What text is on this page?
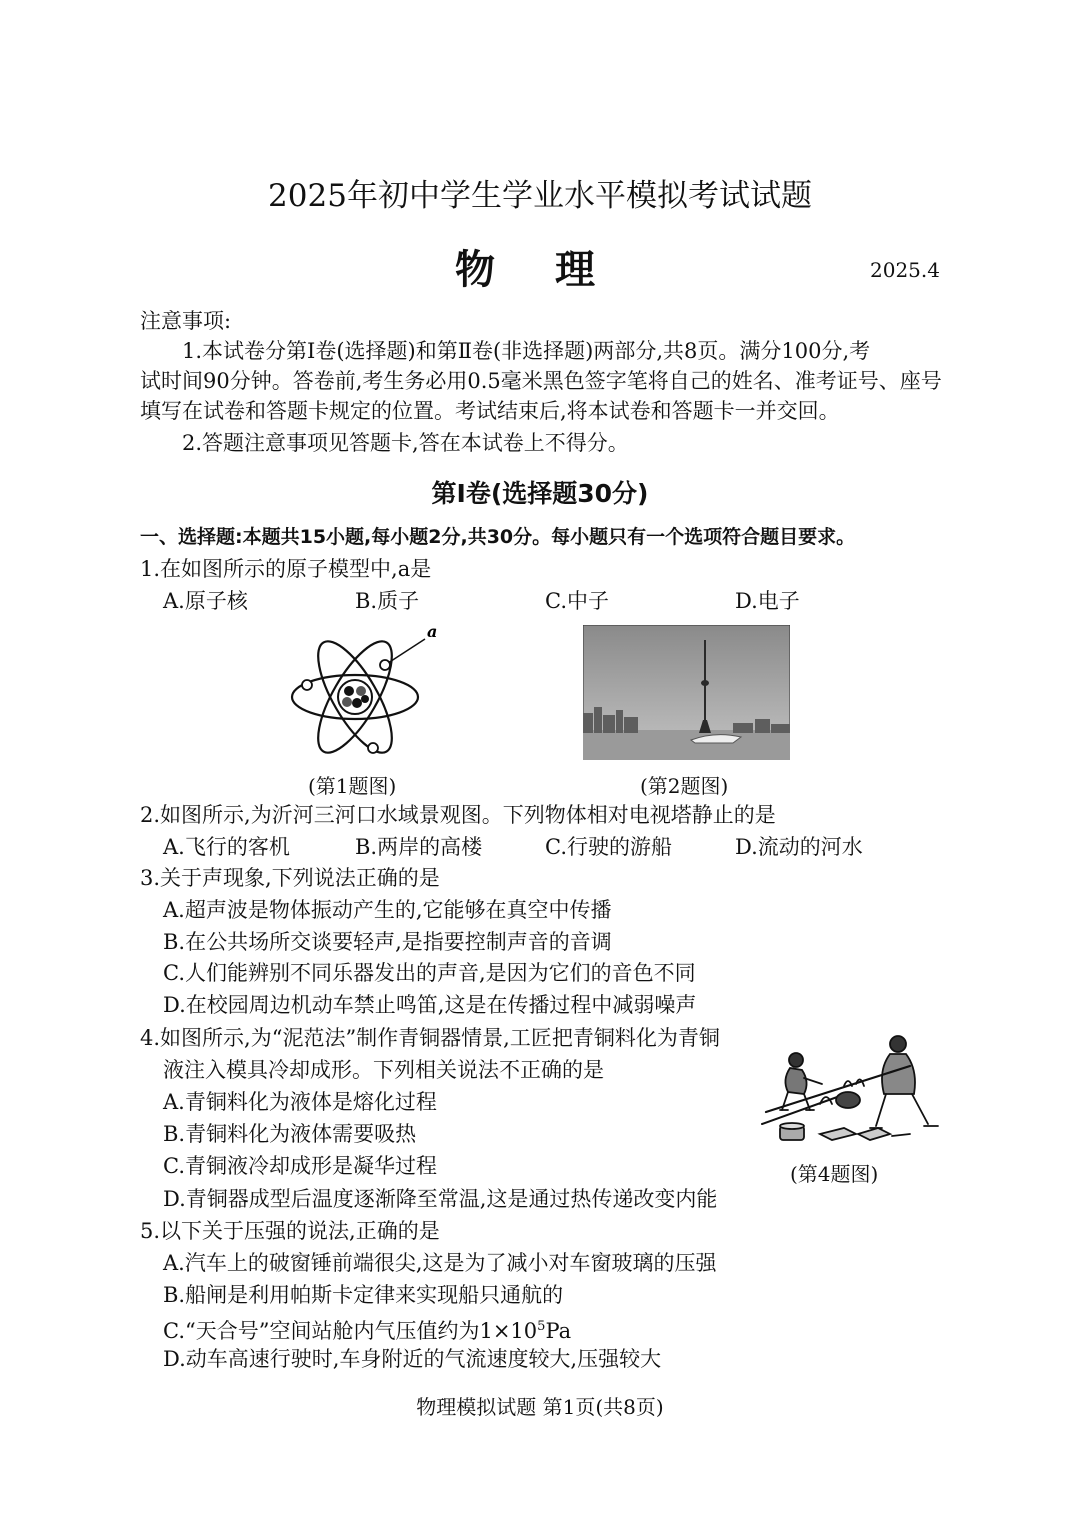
2025年初中学生学业水平模拟考试试题
物理	2025.4
注意事项:
1.本试卷分第Ⅰ卷(选择题)和第Ⅱ卷(非选择题)两部分,共8页。满分100分,考
试时间90分钟。答卷前,考生务必用0.5毫米黑色签字笔将自己的姓名、准考证号、座号
填写在试卷和答题卡规定的位置。考试结束后,将本试卷和答题卡一并交回。
2.答题注意事项见答题卡,答在本试卷上不得分。
第Ⅰ卷(选择题30分)
一、选择题:本题共15小题,每小题2分,共30分。每小题只有一个选项符合题目要求。
1.在如图所示的原子模型中,a是
A.原子核	B.质子	C.中子	D.电子
a
(第1题图)	(第2题图)
2.如图所示,为沂河三河口水域景观图。下列物体相对电视塔静止的是
A.飞行的客机	B.两岸的高楼	C.行驶的游船	D.流动的河水
3.关于声现象,下列说法正确的是
A.超声波是物体振动产生的,它能够在真空中传播
B.在公共场所交谈要轻声,是指要控制声音的音调
C.人们能辨别不同乐器发出的声音,是因为它们的音色不同
D.在校园周边机动车禁止鸣笛,这是在传播过程中减弱噪声
4.如图所示,为“泥范法”制作青铜器情景,工匠把青铜料化为青铜
液注入模具冷却成形。下列相关说法不正确的是
A.青铜料化为液体是熔化过程
B.青铜料化为液体需要吸热
C.青铜液冷却成形是凝华过程
D.青铜器成型后温度逐渐降至常温,这是通过热传递改变内能
(第4题图)
5.以下关于压强的说法,正确的是
A.汽车上的破窗锤前端很尖,这是为了减小对车窗玻璃的压强
B.船闸是利用帕斯卡定律来实现船只通航的
C.“天合号”空间站舱内气压值约为$1\times 10^5Pa$
D.动车高速行驶时,车身附近的气流速度较大,压强较大
物理模拟试题 第1页(共8页)
